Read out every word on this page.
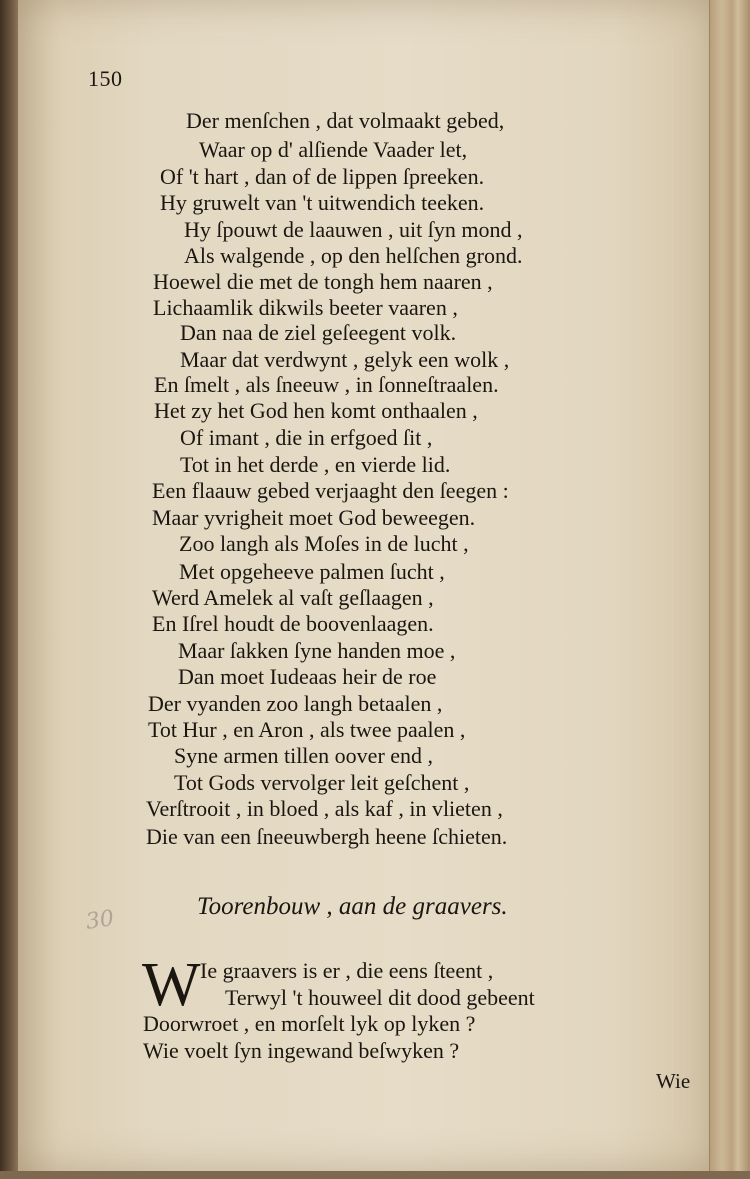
150
Der menſchen , dat volmaakt gebed,
Waar op d' alſiende Vaader let,
Of 't hart , dan of de lippen ſpreeken.
Hy gruwelt van 't uitwendich teeken.
Hy ſpouwt de laauwen , uit ſyn mond ,
Als walgende , op den helſchen grond.
Hoewel die met de tongh hem naaren ,
Lichaamlik dikwils beeter vaaren ,
Dan naa de ziel geſeegent volk.
Maar dat verdwynt , gelyk een wolk ,
En ſmelt , als ſneeuw , in ſonneſtraalen.
Het zy het God hen komt onthaalen ,
Of imant , die in erfgoed ſit ,
Tot in het derde , en vierde lid.
Een flaauw gebed verjaaght den ſeegen :
Maar yvrigheit moet God beweegen.
Zoo langh als Moſes in de lucht ,
Met opgeheeve palmen ſucht ,
Werd Amelek al vaſt geſlaagen ,
En Iſrel houdt de boovenlaagen.
Maar ſakken ſyne handen moe ,
Dan moet Iudeaas heir de roe
Der vyanden zoo langh betaalen ,
Tot Hur , en Aron , als twee paalen ,
Syne armen tillen oover end ,
Tot Gods vervolger leit geſchent ,
Verſtrooit , in bloed , als kaf , in vlieten ,
Die van een ſneeuwbergh heene ſchieten.
30	Toorenbouw , aan de graavers.
W Ie graavers is er , die eens ſteent ,
Terwyl 't houweel dit dood gebeent
Doorwroet , en morſelt lyk op lyken ?
Wie voelt ſyn ingewand beſwyken ?
Wie
